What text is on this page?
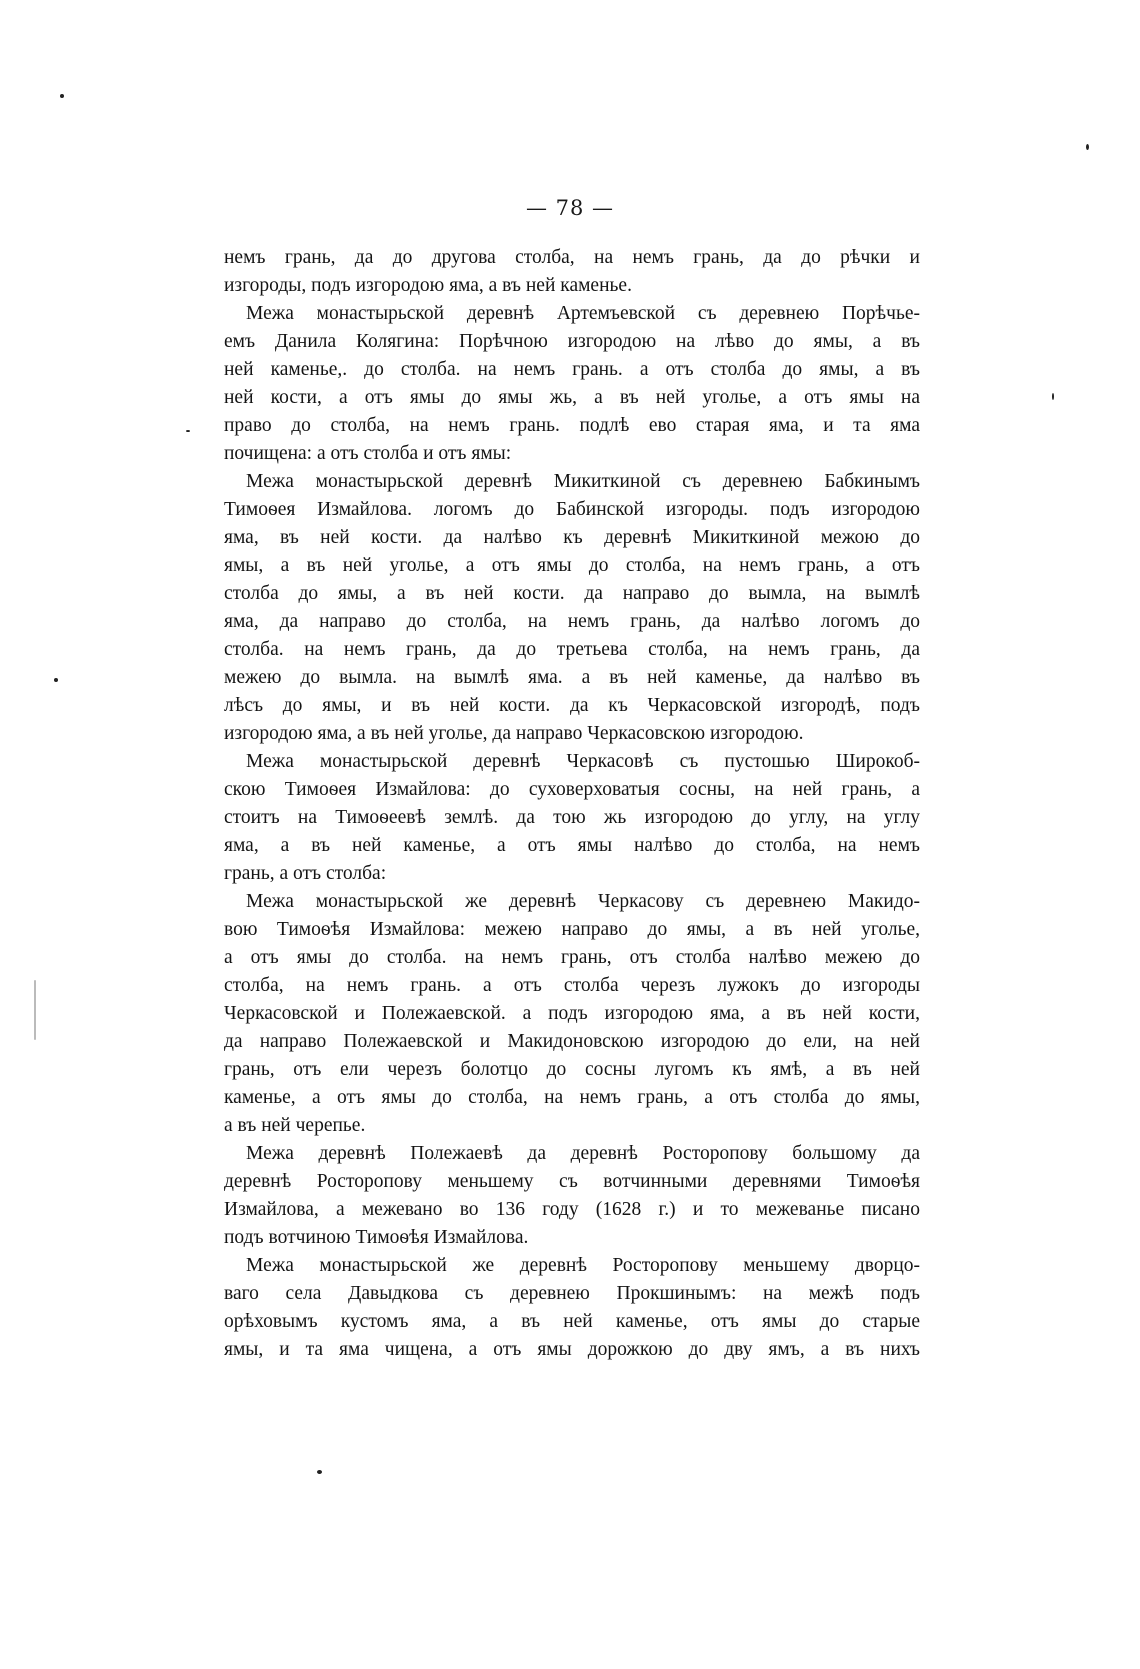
— 78 —
немъ грань, да до другова столба, на немъ грань, да до рѣчки и
изгороды, подъ изгородою яма, а въ ней каменье.
Межа монастырьской деревнѣ Артемъевской съ деревнею Порѣчье-
емъ Данила Колягина: Порѣчною изгородою на лѣво до ямы, а въ
ней каменье,. до столба. на немъ грань. а отъ столба до ямы, а въ
ней кости, а отъ ямы до ямы жь, а въ ней уголье, а отъ ямы на
право до столба, на немъ грань. подлѣ ево старая яма, и та яма
почищена: а отъ столба и отъ ямы:
Межа монастырьской деревнѣ Микиткиной съ деревнею Бабкинымъ
Тимоѳея Измайлова. логомъ до Бабинской изгороды. подъ изгородою
яма, въ ней кости. да налѣво къ деревнѣ Микиткиной межою до
ямы, а въ ней уголье, а отъ ямы до столба, на немъ грань, а отъ
столба до ямы, а въ ней кости. да направо до вымла, на вымлѣ
яма, да направо до столба, на немъ грань, да налѣво логомъ до
столба. на немъ грань, да до третьева столба, на немъ грань, да
межею до вымла. на вымлѣ яма. а въ ней каменье, да налѣво въ
лѣсъ до ямы, и въ ней кости. да къ Черкасовской изгородѣ, подъ
изгородою яма, а въ ней уголье, да направо Черкасовскою изгородою.
Межа монастырьской деревнѣ Черкасовѣ съ пустошью Широкоб-
скою Тимоѳея Измайлова: до суховерховатыя сосны, на ней грань, а
стоитъ на Тимоѳеевѣ землѣ. да тою жь изгородою до углу, на углу
яма, а въ ней каменье, а отъ ямы налѣво до столба, на немъ
грань, а отъ столба:
Межа монастырьской же деревнѣ Черкасову съ деревнею Макидо-
вою Тимоѳѣя Измайлова: межею направо до ямы, а въ ней уголье,
а отъ ямы до столба. на немъ грань, отъ столба налѣво межею до
столба, на немъ грань. а отъ столба черезъ лужокъ до изгороды
Черкасовской и Полежаевской. а подъ изгородою яма, а въ ней кости,
да направо Полежаевской и Макидоновскою изгородою до ели, на ней
грань, отъ ели черезъ болотцо до сосны лугомъ къ ямѣ, а въ ней
каменье, а отъ ямы до столба, на немъ грань, а отъ столба до ямы,
а въ ней черепье.
Межа деревнѣ Полежаевѣ да деревнѣ Росторопову большому да
деревнѣ Росторопову меньшему съ вотчинными деревнями Тимоѳѣя
Измайлова, а межевано во 136 году (1628 г.) и то межеванье писано
подъ вотчиною Тимоѳѣя Измайлова.
Межа монастырьской же деревнѣ Росторопову меньшему дворцо-
ваго села Давыдкова съ деревнею Прокшинымъ: на межѣ подъ
орѣховымъ кустомъ яма, а въ ней каменье, отъ ямы до старые
ямы, и та яма чищена, а отъ ямы дорожкою до дву ямъ, а въ нихъ
